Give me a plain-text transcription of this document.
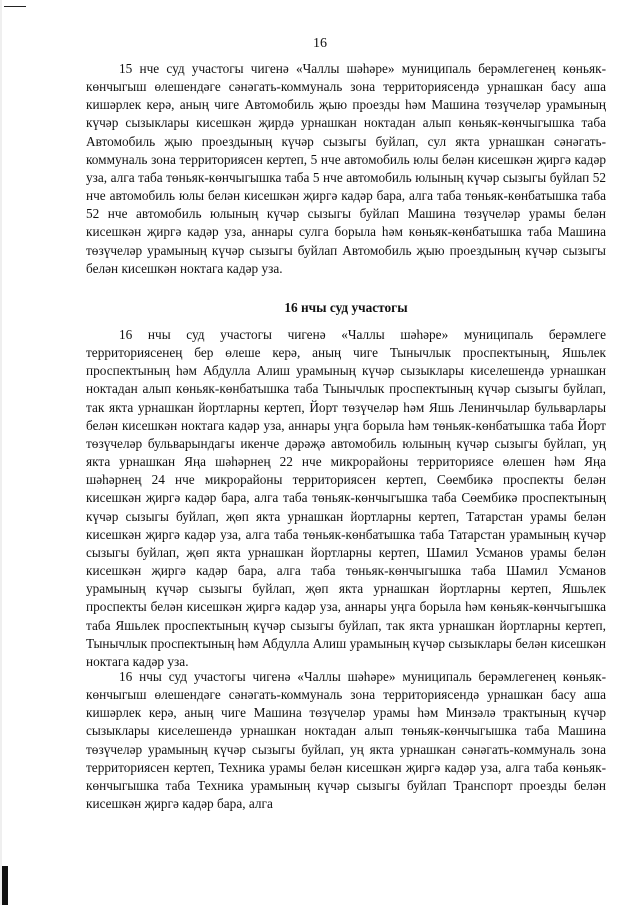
16

15 нче суд участогы чигенә «Чаллы шәһәре» муниципаль берәмлегенең көньяк-көнчыгыш өлешендәге сәнәгать-коммуналь зона территориясендә урнашкан басу аша кишәрлек керә, аның чиге Автомобиль җыю проезды һәм Машина төзүчеләр урамының күчәр сызыклары кисешкән җирдә урнашкан ноктадан алып көньяк-көнчыгышка таба Автомобиль җыю проездының күчәр сызыгы буйлап, сул якта урнашкан сәнәгать-коммуналь зона территориясен кертеп, 5 нче автомобиль юлы белән кисешкән җиргә кадәр уза, алга таба төньяк-көнчыгышка таба 5 нче автомобиль юлының күчәр сызыгы буйлап 52 нче автомобиль юлы белән кисешкән җиргә кадәр бара, алга таба төньяк-көнбатышка таба 52 нче автомобиль юлының күчәр сызыгы буйлап Машина төзүчеләр урамы белән кисешкән җиргә кадәр уза, аннары сулга борыла һәм көньяк-көнбатышка таба Машина төзүчеләр урамының күчәр сызыгы буйлап Автомобиль җыю проездының күчәр сызыгы белән кисешкән ноктага кадәр уза.

16 нчы суд участогы

16 нчы суд участогы чигенә «Чаллы шәһәре» муниципаль берәмлеге территориясенең бер өлеше керә, аның чиге Тынычлык проспектының, Яшьлек проспектының һәм Абдулла Алиш урамының күчәр сызыклары киселешендә урнашкан ноктадан алып көньяк-көнбатышка таба Тынычлык проспектының күчәр сызыгы буйлап, так якта урнашкан йортларны кертеп, Йорт төзүчеләр һәм Яшь Ленинчылар бульварлары белән кисешкән ноктага кадәр уза, аннары уңга борыла һәм төньяк-көнбатышка таба Йорт төзүчеләр бульварындагы икенче дәрәҗә автомобиль юлының күчәр сызыгы буйлап, уң якта урнашкан Яңа шәһәрнең 22 нче микрорайоны территориясе өлешен һәм Яңа шәһәрнең 24 нче микрорайоны территориясен кертеп, Сөембикә проспекты белән кисешкән җиргә кадәр бара, алга таба төньяк-көнчыгышка таба Сөембикә проспектының күчәр сызыгы буйлап, җөп якта урнашкан йортларны кертеп, Татарстан урамы белән кисешкән җиргә кадәр уза, алга таба төньяк-көнбатышка таба Татарстан урамының күчәр сызыгы буйлап, җөп якта урнашкан йортларны кертеп, Шамил Усманов урамы белән кисешкән җиргә кадәр бара, алга таба төньяк-көнчыгышка таба Шамил Усманов урамының күчәр сызыгы буйлап, җөп якта урнашкан йортларны кертеп, Яшьлек проспекты белән кисешкән җиргә кадәр уза, аннары уңга борыла һәм көньяк-көнчыгышка таба Яшьлек проспектының күчәр сызыгы буйлап, так якта урнашкан йортларны кертеп, Тынычлык проспектының һәм Абдулла Алиш урамының күчәр сызыклары белән кисешкән ноктага кадәр уза.

16 нчы суд участогы чигенә «Чаллы шәһәре» муниципаль берәмлегенең көньяк-көнчыгыш өлешендәге сәнәгать-коммуналь зона территориясендә урнашкан басу аша кишәрлек керә, аның чиге Машина төзүчеләр урамы һәм Минзәлә трактының күчәр сызыклары киселешендә урнашкан ноктадан алып төньяк-көнчыгышка таба Машина төзүчеләр урамының күчәр сызыгы буйлап, уң якта урнашкан сәнәгать-коммуналь зона территориясен кертеп, Техника урамы белән кисешкән җиргә кадәр уза, алга таба көньяк-көнчыгышка таба Техника урамының күчәр сызыгы буйлап Транспорт проезды белән кисешкән җиргә кадәр бара, алга
